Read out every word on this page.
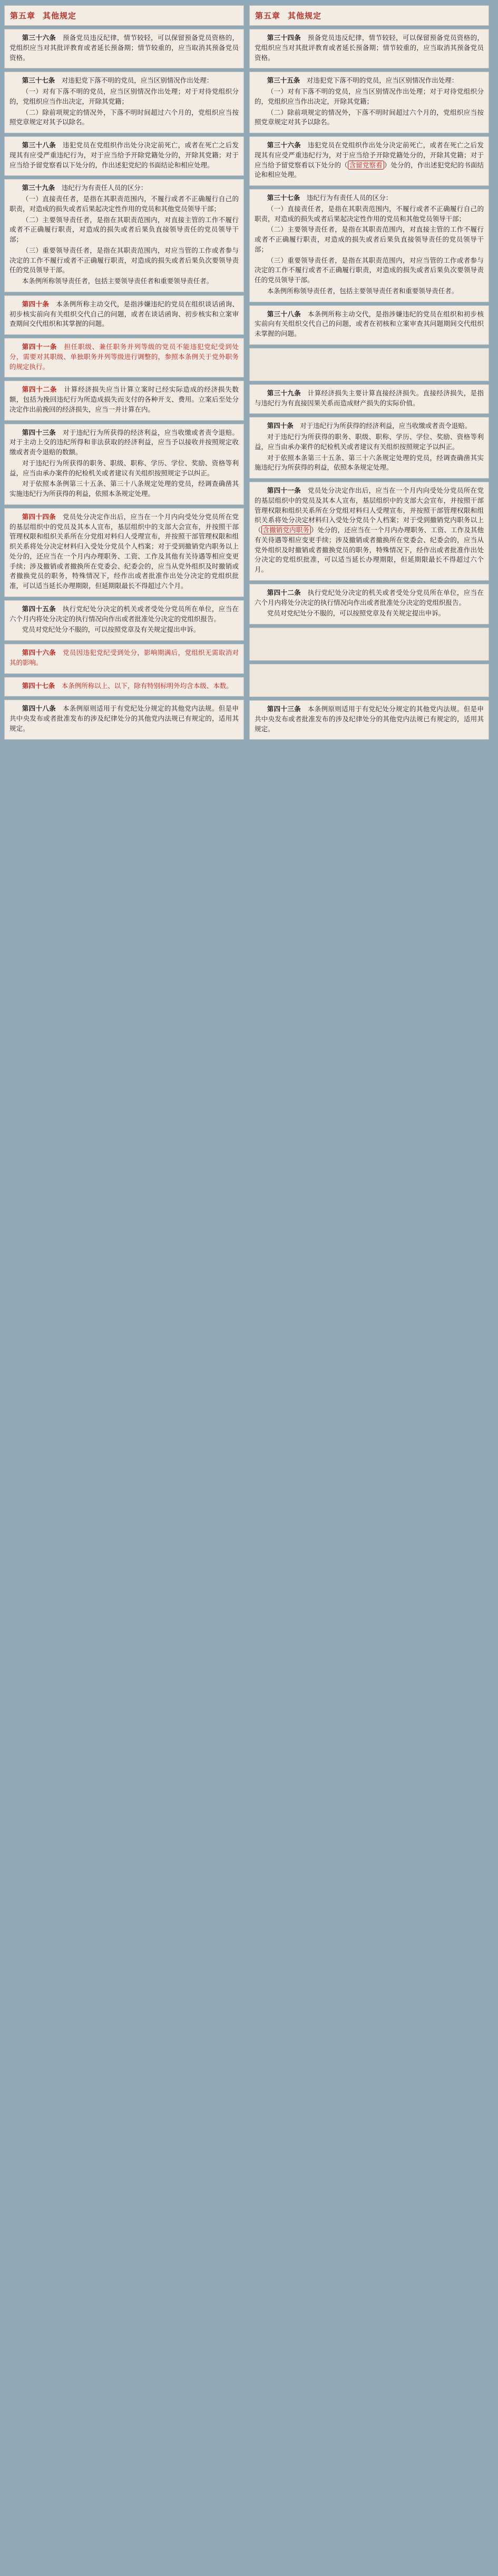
第五章 其他规定

第三十六条　预备党员违反纪律，情节较轻，可以保留预备党员资格的，党组织应当对其批评教育或者延长预备期；情节较重的，应当取消其预备党员资格。

第三十七条　对违犯党下落不明的党员，应当区别情况作出处理：

（一）对有下落不明的党员，应当区别情况作出处理；对于对待党组织分的，党组织应当作出决定，开除其党籍；

（二）除前项规定的情况外，下落不明时间超过六个月的，党组织应当按照党章规定对其予以除名。

第三十八条　违犯党员在党组织作出处分决定前死亡，或者在死亡之后发现其有应受严重违纪行为，对于应当给予开除党籍处分的，开除其党籍；对于应当给予留党察看以下处分的，作出述犯党纪的书面结论和相应处理。

第三十九条　违纪行为有责任人员的区分：

（一）直接责任者，是指在其职责范围内，不履行或者不正确履行自己的职责，对造成的损失或者后果起决定性作用的党员和其他党员领导干部；

（二）主要领导责任者，是指在其职责范围内，对直接主管的工作不履行或者不正确履行职责，对造成的损失或者后果负直接领导责任的党员领导干部；

（三）重要领导责任者，是指在其职责范围内，对应当管的工作或者参与决定的工作不履行或者不正确履行职责，对造成的损失或者后果负次要领导责任的党员领导干部。

本条例所称领导责任者，包括主要领导责任者和重要领导责任者。

第四十条　本条例所称主动交代，是指涉嫌违纪的党员在组织谈话函询、初步核实前向有关组织交代自己的问题，或者在谈话函询、初步核实和立案审查期间交代组织和其掌握的问题。

第四十一条　 担任职级、兼任职务并列等级的党员不能违犯党纪受到处分，需要对其职级、单独职务并列等级进行调整的，参照本条例关于党外职务的规定执行。

第四十二条　计算经济损失应当计算立案时已经实际造成的经济损失数额，包括为挽回违纪行为所造成损失而支付的各种开支、费用。立案后至处分决定作出前挽回的经济损失，应当一并计算在内。

第四十三条　对于违纪行为所获得的经济利益，应当收缴或者责令退赔。对于主动上交的违纪所得和非法获取的经济利益，应当予以接收并按照规定收缴或者责令退赔的数额。

对于违纪行为所获得的职务、职级、职称、学历、学位、奖励、资格等利益，应当由承办案件的纪检机关或者建议有关组织按照规定予以纠正。

对于依照本条例第三十五条、第三十八条规定处理的党员，经调查确凿其实施违纪行为所获得的利益，依照本条规定处理。

第四十四条　党员处分决定作出后，应当在一个月内向受处分党员所在党的基层组织中的党员及其本人宣布，基层组织中的支部大会宣布，并按照干部管理权限和组织关系所在分党组对料归人受理宣布，并按照干部管理权限和组织关系将处分决定材料归入受处分党员个人档案；对于受到撤销党内职务以上处分的，还应当在一个月内办理职务、工资、工作及其他有关待遇等相应变更手续；涉及撤销或者撤换所在党委会、纪委会的，应当从党外组织及时撤销或者撤换党员的职务，特殊情况下，经作出或者批准作出处分决定的党组织批准，可以适当延长办理期限，但延期限最长不得超过六个月。

第四十五条　执行党纪处分决定的机关或者受处分党员所在单位，应当在六个月内将处分决定的执行情况向作出或者批准处分决定的党组织报告。

党员对党纪处分不服的，可以按照党章及有关规定提出申诉。

第四十六条　 党员因违犯党纪受到处分，影响期满后，党组织无需取消对其的影响。

第四十七条　 本条例所称以上、以下，除有特别标明外均含本级、本数。

第四十八条　本条例原则适用于有党纪处分规定的其他党内法规。但是申共中央发布或者批准发布的涉及纪律处分的其他党内法规已有规定的，适用其规定。

第五章 其他规定

第三十四条　预备党员违反纪律，情节较轻，可以保留预备党员资格的，党组织应当对其批评教育或者延长预备期；情节较重的，应当取消其预备党员资格。

第三十五条　对违犯党下落不明的党员，应当区别情况作出处理：

（一）对有下落不明的党员，应当区别情况作出处理；对于对待党组织分的，党组织应当作出决定，开除其党籍；

（二）除前项规定的情况外，下落不明时间超过六个月的，党组织应当按照党章规定对其予以除名。

第三十六条　违犯党员在党组织作出处分决定前死亡，或者在死亡之后发现其有应受严重违纪行为，对于应当给予开除党籍处分的，开除其党籍；对于应当给予留党察看以下处分的（ 含留党察看 ）处分的，作出述犯党纪的书面结论和相应处理。

第三十七条　违纪行为有责任人员的区分：

（一）直接责任者，是指在其职责范围内，不履行或者不正确履行自己的职责，对造成的损失或者后果起决定性作用的党员和其他党员领导干部；

（二）主要领导责任者，是指在其职责范围内，对直接主管的工作不履行或者不正确履行职责，对造成的损失或者后果负直接领导责任的党员领导干部；

（三）重要领导责任者，是指在其职责范围内，对应当管的工作或者参与决定的工作不履行或者不正确履行职责，对造成的损失或者后果负次要领导责任的党员领导干部。

本条例所称领导责任者，包括主要领导责任者和重要领导责任者。

第三十八条　本条例所称主动交代，是指涉嫌违纪的党员在组织和初步核实前向有关组织交代自己的问题，或者在初核和立案审查其问题期间交代组织未掌握的问题。

第三十九条　计算经济损失主要计算直接经济损失。直接经济损失，是指与违纪行为有直接因果关系而造成财产损失的实际价值。

第四十条　对于违纪行为所获得的经济利益，应当收缴或者责令退赔。

对于违纪行为所获得的职务、职级、职称、学历、学位、奖励、资格等利益，应当由承办案件的纪检机关或者建议有关组织按照规定予以纠正。

对于依照本条第三十五条、第三十六条规定处理的党员，经调查确凿其实施违纪行为所获得的利益，依照本条规定处理。

第四十一条　党员处分决定作出后，应当在一个月内向受处分党员所在党的基层组织中的党员及其本人宣布，基层组织中的支部大会宣布，并按照干部管理权限和组织关系所在分党组对料归人受理宣布，并按照干部管理权限和组织关系将处分决定材料归入受处分党员个人档案；对于受到撤销党内职务以上（ 含撤销党内职务 ）处分的，还应当在一个月内办理职务、工资、工作及其他有关待遇等相应变更手续；涉及撤销或者撤换所在党委会、纪委会的，应当从党外组织及时撤销或者撤换党员的职务，特殊情况下，经作出或者批准作出处分决定的党组织批准，可以适当延长办理期限，但延期限最长不得超过六个月。

第四十二条　执行党纪处分决定的机关或者受处分党员所在单位，应当在六个月内将处分决定的执行情况向作出或者批准处分决定的党组织报告。

党员对党纪处分不服的，可以按照党章及有关规定提出申诉。

第四十三条　本条例原则适用于有党纪处分规定的其他党内法规。但是申共中央发布或者批准发布的涉及纪律处分的其他党内法规已有规定的，适用其规定。
